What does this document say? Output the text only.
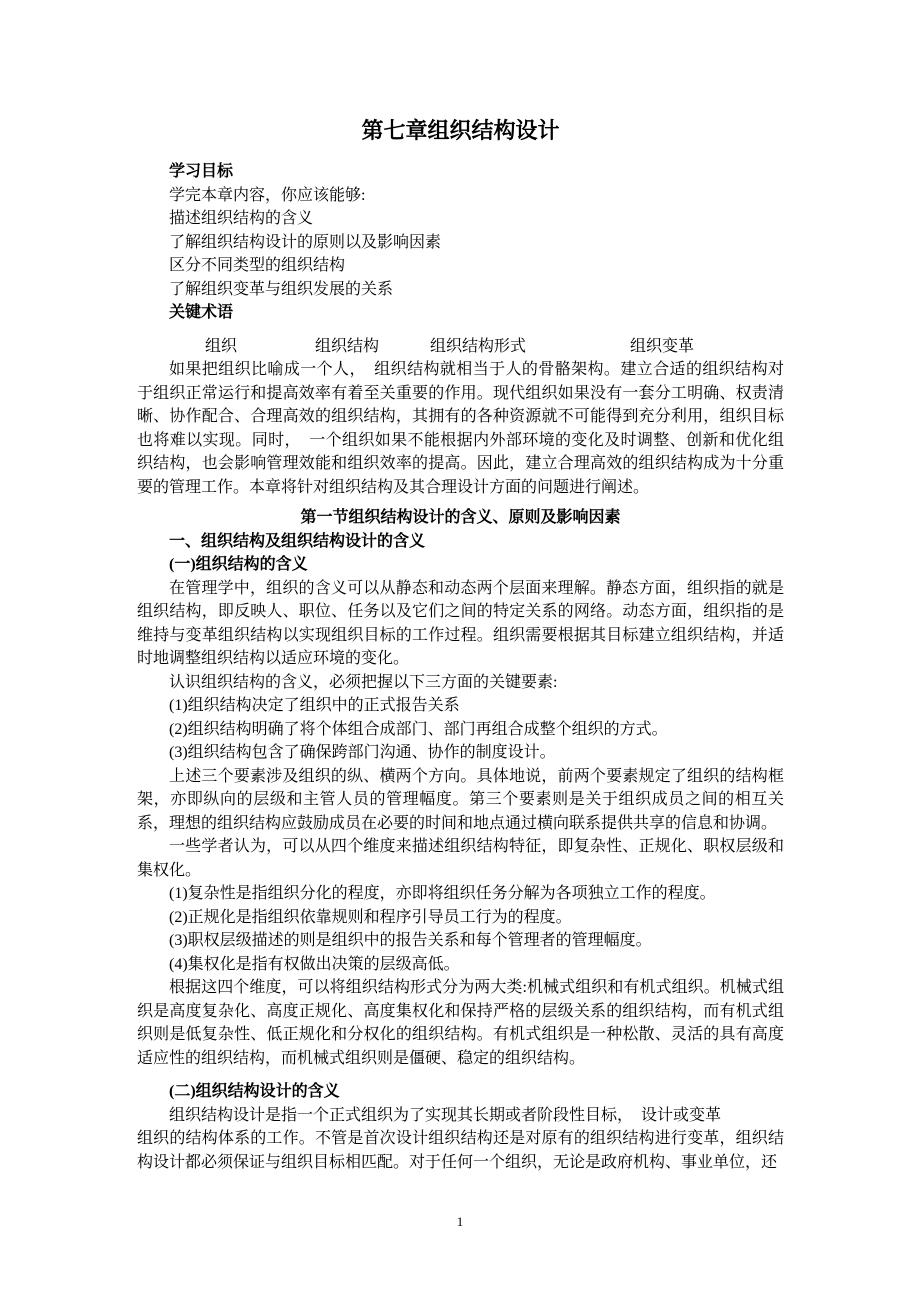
第七章组织结构设计
学习目标
学完本章内容，你应该能够:
描述组织结构的含义
了解组织结构设计的原则以及影响因素
区分不同类型的组织结构
了解组织变革与组织发展的关系
关键术语
组织	组织结构	组织结构形式	组织变革

如果把组织比喻成一个人，　组织结构就相当于人的骨骼架构。建立合适的组织结构对于组织正常运行和提高效率有着至关重要的作用。现代组织如果没有一套分工明确、权责清晰、协作配合、合理高效的组织结构，其拥有的各种资源就不可能得到充分利用，组织目标也将难以实现。同时，　一个组织如果不能根据内外部环境的变化及时调整、创新和优化组织结构，也会影响管理效能和组织效率的提高。因此，建立合理高效的组织结构成为十分重要的管理工作。本章将针对组织结构及其合理设计方面的问题进行阐述。

第一节组织结构设计的含义、原则及影响因素
一、组织结构及组织结构设计的含义
(一)组织结构的含义

在管理学中，组织的含义可以从静态和动态两个层面来理解。静态方面，组织指的就是组织结构，即反映人、职位、任务以及它们之间的特定关系的网络。动态方面，组织指的是维持与变革组织结构以实现组织目标的工作过程。组织需要根据其目标建立组织结构，并适时地调整组织结构以适应环境的变化。

认识组织结构的含义，必须把握以下三方面的关键要素:
(1)组织结构决定了组织中的正式报告关系
(2)组织结构明确了将个体组合成部门、部门再组合成整个组织的方式。
(3)组织结构包含了确保跨部门沟通、协作的制度设计。

上述三个要素涉及组织的纵、横两个方向。具体地说，前两个要素规定了组织的结构框架，亦即纵向的层级和主管人员的管理幅度。第三个要素则是关于组织成员之间的相互关系，理想的组织结构应鼓励成员在必要的时间和地点通过横向联系提供共享的信息和协调。

一些学者认为，可以从四个维度来描述组织结构特征，即复杂性、正规化、职权层级和集权化。

(1)复杂性是指组织分化的程度，亦即将组织任务分解为各项独立工作的程度。
(2)正规化是指组织依靠规则和程序引导员工行为的程度。
(3)职权层级描述的则是组织中的报告关系和每个管理者的管理幅度。
(4)集权化是指有权做出决策的层级高低。

根据这四个维度，可以将组织结构形式分为两大类:机械式组织和有机式组织。机械式组织是高度复杂化、高度正规化、高度集权化和保持严格的层级关系的组织结构，而有机式组织则是低复杂性、低正规化和分权化的组织结构。有机式组织是一种松散、灵活的具有高度适应性的组织结构，而机械式组织则是僵硬、稳定的组织结构。

(二)组织结构设计的含义

组织结构设计是指一个正式组织为了实现其长期或者阶段性目标，　设计或变革
组织的结构体系的工作。不管是首次设计组织结构还是对原有的组织结构进行变革，组织结构设计都必须保证与组织目标相匹配。对于任何一个组织，无论是政府机构、事业单位，还

1
